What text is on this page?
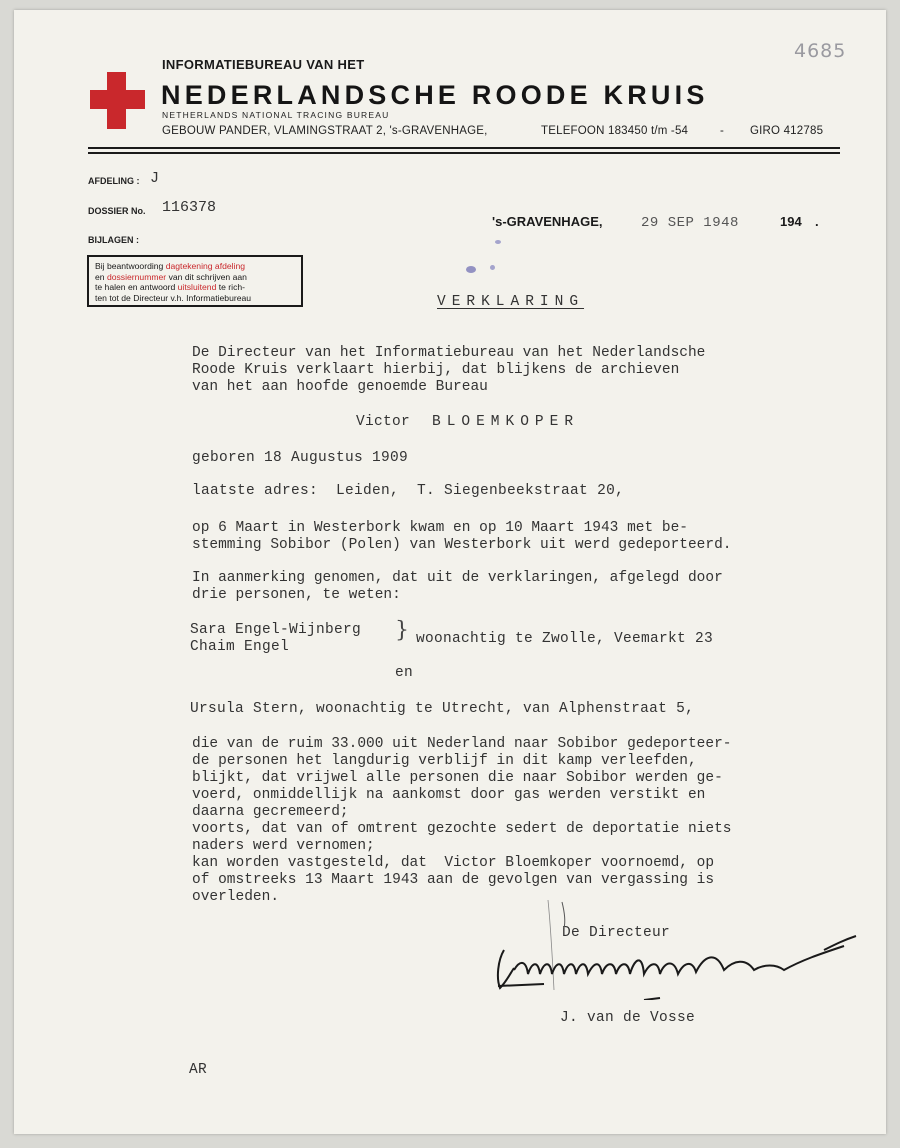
4685
INFORMATIEBUREAU VAN HET
NEDERLANDSCHE ROODE KRUIS
NETHERLANDS NATIONAL TRACING BUREAU
GEBOUW PANDER, VLAMINGSTRAAT 2, 's-GRAVENHAGE,	TELEFOON 183450 t/m -54	- GIRO 412785
AFDELING : J
DOSSIER No. 116378
BIJLAGEN :
's-GRAVENHAGE,	29 SEP 1948	194 .
Bij beantwoording dagtekening afdeling
en dossiernummer van dit schrijven aan
te halen en antwoord uitsluitend te rich-
ten tot de Directeur v.h. Informatiebureau	VERKLARING
De Directeur van het Informatiebureau van het Nederlandsche
Roode Kruis verklaart hierbij, dat blijkens de archieven
van het aan hoofde genoemde Bureau
Victor BLOEMKOPER
geboren 18 Augustus 1909
laatste adres:  Leiden,  T. Siegenbeekstraat 20,
op 6 Maart in Westerbork kwam en op 10 Maart 1943 met be-
stemming Sobibor (Polen) van Westerbork uit werd gedeporteerd.
In aanmerking genomen, dat uit de verklaringen, afgelegd door
drie personen, te weten:
Sara Engel-Wijnberg
Chaim Engel
} woonachtig te Zwolle, Veemarkt 23
en
Ursula Stern, woonachtig te Utrecht, van Alphenstraat 5,
die van de ruim 33.000 uit Nederland naar Sobibor gedeporteer-
de personen het langdurig verblijf in dit kamp verleefden,
blijkt, dat vrijwel alle personen die naar Sobibor werden ge-
voerd, onmiddellijk na aankomst door gas werden verstikt en
daarna gecremeerd;
voorts, dat van of omtrent gezochte sedert de deportatie niets
naders werd vernomen;
kan worden vastgesteld, dat  Victor Bloemkoper voornoemd, op
of omstreeks 13 Maart 1943 aan de gevolgen van vergassing is
overleden.
De Directeur
J. van de Vosse
AR
